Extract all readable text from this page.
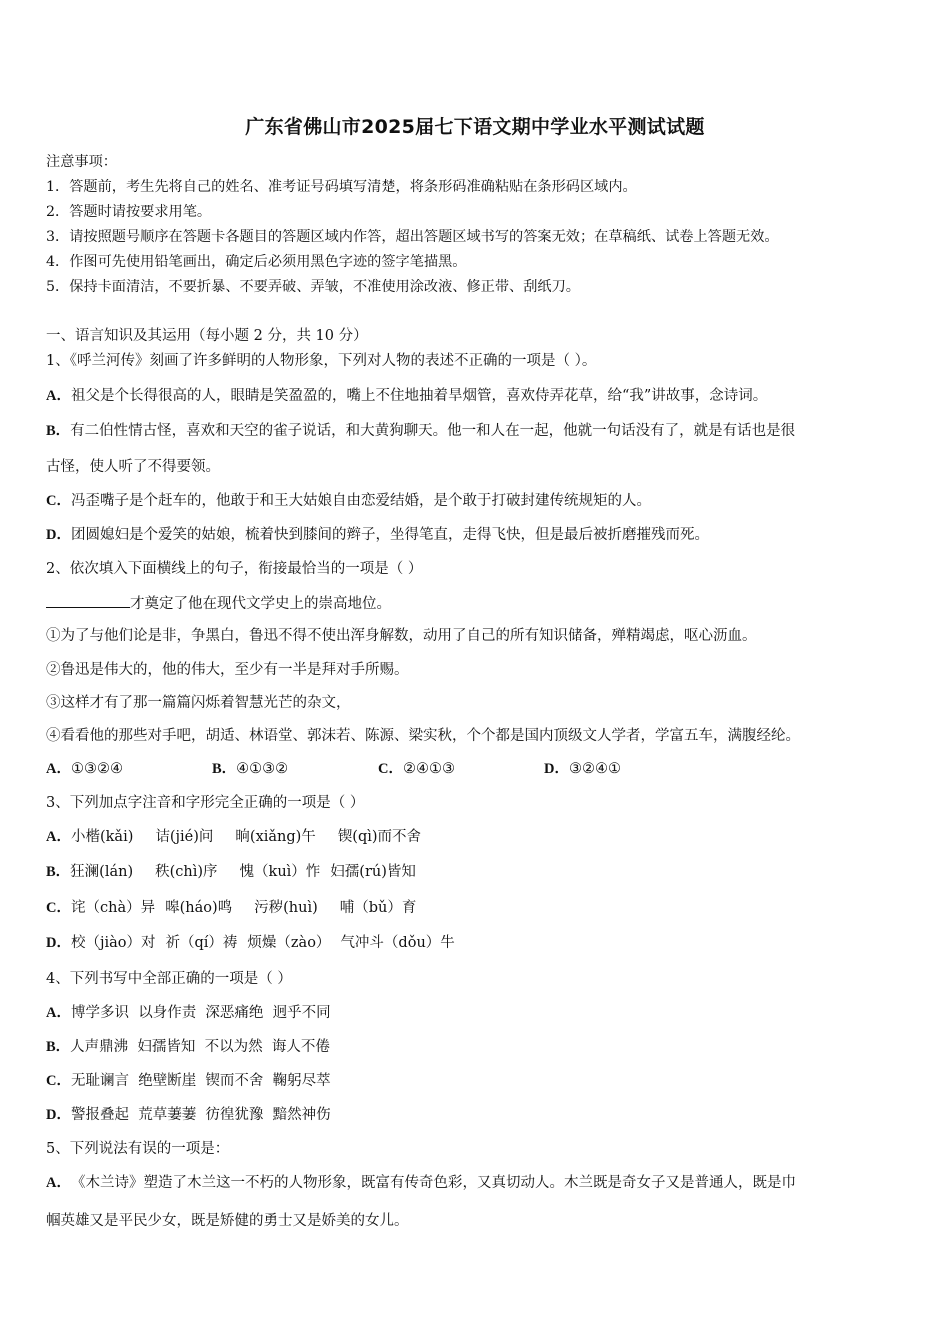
广东省佛山市2025届七下语文期中学业水平测试试题
注意事项：
1．答题前，考生先将自己的姓名、准考证号码填写清楚，将条形码准确粘贴在条形码区域内。
2．答题时请按要求用笔。
3．请按照题号顺序在答题卡各题目的答题区域内作答，超出答题区域书写的答案无效；在草稿纸、试卷上答题无效。
4．作图可先使用铅笔画出，确定后必须用黑色字迹的签字笔描黑。
5．保持卡面清洁，不要折暴、不要弄破、弄皱，不准使用涂改液、修正带、刮纸刀。
一、语言知识及其运用（每小题 2 分，共 10 分）
1、《呼兰河传》刻画了许多鲜明的人物形象，下列对人物的表述不正确的一项是（ ）。
A．祖父是个长得很高的人，眼睛是笑盈盈的，嘴上不住地抽着旱烟管，喜欢侍弄花草，给“我”讲故事，念诗词。
B．有二伯性情古怪，喜欢和天空的雀子说话，和大黄狗聊天。他一和人在一起，他就一句话没有了，就是有话也是很
古怪，使人听了不得要领。
C．冯歪嘴子是个赶车的，他敢于和王大姑娘自由恋爱结婚，是个敢于打破封建传统规矩的人。
D．团圆媳妇是个爱笑的姑娘，梳着快到膝间的辫子，坐得笔直，走得飞快，但是最后被折磨摧残而死。
2、依次填入下面横线上的句子，衔接最恰当的一项是（ ）
才奠定了他在现代文学史上的崇高地位。
①为了与他们论是非，争黑白，鲁迅不得不使出浑身解数，动用了自己的所有知识储备，殚精竭虑，呕心沥血。
②鲁迅是伟大的，他的伟大，至少有一半是拜对手所赐。
③这样才有了那一篇篇闪烁着智慧光芒的杂文，
④看看他的那些对手吧，胡适、林语堂、郭沫若、陈源、梁实秋，个个都是国内顶级文人学者，学富五车，满腹经纶。
A．①③②④	B．④①③②	C．②④①③	D．③②④①
3、下列加点字注音和字形完全正确的一项是（ ）
A．小楷(kǎi) 诘(jié)问 晌(xiǎng)午 锲(qì)而不舍
B．狂澜(lán) 秩(chì)序 愧（kuì）怍 妇孺(rú)皆知
C．诧（chà）异 嗥(háo)鸣 污秽(huì) 哺（bǔ）育
D．校（jiào）对 祈（qí）祷 烦燥（zào） 气冲斗（dǒu）牛
4、下列书写中全部正确的一项是（ ）
A．博学多识  以身作责  深恶痛绝  迥乎不同
B．人声鼎沸  妇孺皆知  不以为然  诲人不倦
C．无耻谰言  绝壁断崖  锲而不舍  鞠躬尽萃
D．警报叠起  荒草萋萋  彷徨犹豫  黯然神伤
5、下列说法有误的一项是：
A．《木兰诗》塑造了木兰这一不朽的人物形象，既富有传奇色彩，又真切动人。木兰既是奇女子又是普通人，既是巾
帼英雄又是平民少女，既是矫健的勇士又是娇美的女儿。
